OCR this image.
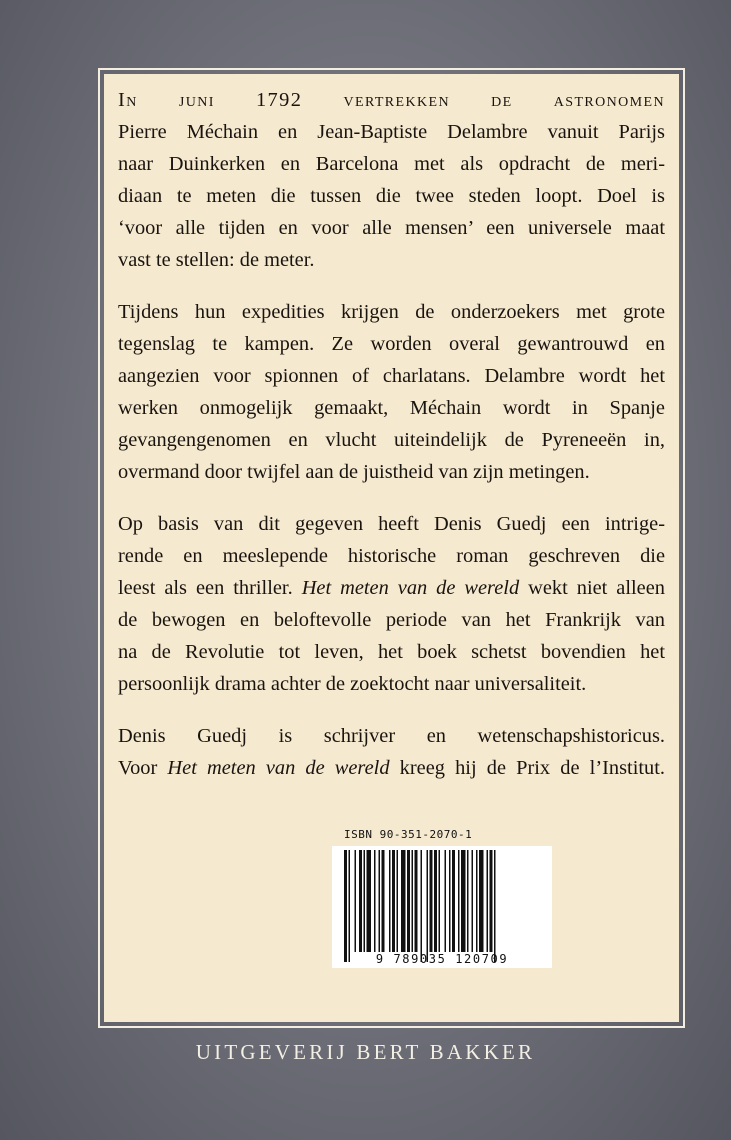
In juni 1792 vertrekken de astronomen
Pierre Méchain en Jean-Baptiste Delambre vanuit Parijs
naar Duinkerken en Barcelona met als opdracht de meri-
diaan te meten die tussen die twee steden loopt. Doel is
‘voor alle tijden en voor alle mensen’ een universele maat
vast te stellen: de meter.

Tijdens hun expedities krijgen de onderzoekers met grote
tegenslag te kampen. Ze worden overal gewantrouwd en
aangezien voor spionnen of charlatans. Delambre wordt het
werken onmogelijk gemaakt, Méchain wordt in Spanje
gevangengenomen en vlucht uiteindelijk de Pyreneeën in,
overmand door twijfel aan de juistheid van zijn metingen.

Op basis van dit gegeven heeft Denis Guedj een intrige-
rende en meeslepende historische roman geschreven die
leest als een thriller. Het meten van de wereld wekt niet alleen
de bewogen en beloftevolle periode van het Frankrijk van
na de Revolutie tot leven, het boek schetst bovendien het
persoonlijk drama achter de zoektocht naar universaliteit.

Denis Guedj is schrijver en wetenschapshistoricus.
Voor Het meten van de wereld kreeg hij de Prix de l’Institut.

ISBN 90-351-2070-1
9 789035 120709
UITGEVERIJ BERT BAKKER
